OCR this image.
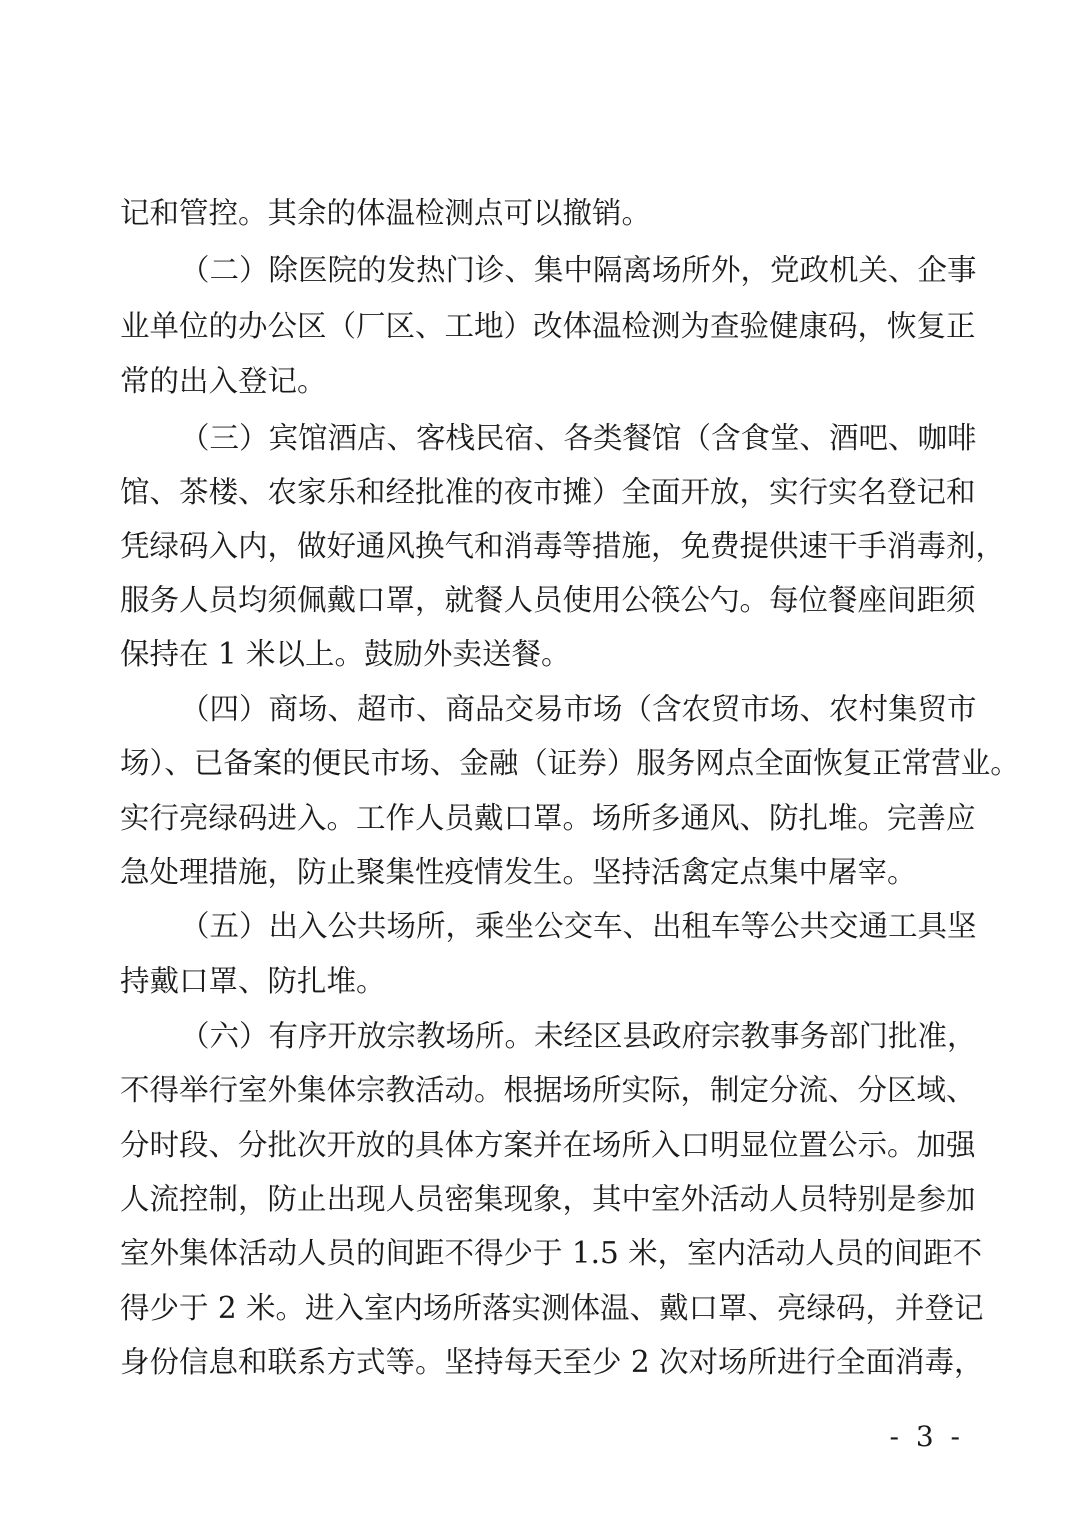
记和管控。其余的体温检测点可以撤销。
（二）除医院的发热门诊、集中隔离场所外，党政机关、企事
业单位的办公区（厂区、工地）改体温检测为查验健康码，恢复正
常的出入登记。
（三）宾馆酒店、客栈民宿、各类餐馆（含食堂、酒吧、咖啡
馆、茶楼、农家乐和经批准的夜市摊）全面开放，实行实名登记和
凭绿码入内，做好通风换气和消毒等措施，免费提供速干手消毒剂，
服务人员均须佩戴口罩，就餐人员使用公筷公勺。每位餐座间距须
保持在 1 米以上。鼓励外卖送餐。
（四）商场、超市、商品交易市场（含农贸市场、农村集贸市
场）、已备案的便民市场、金融（证券）服务网点全面恢复正常营业。
实行亮绿码进入。工作人员戴口罩。场所多通风、防扎堆。完善应
急处理措施，防止聚集性疫情发生。坚持活禽定点集中屠宰。
（五）出入公共场所，乘坐公交车、出租车等公共交通工具坚
持戴口罩、防扎堆。
（六）有序开放宗教场所。未经区县政府宗教事务部门批准，
不得举行室外集体宗教活动。根据场所实际，制定分流、分区域、
分时段、分批次开放的具体方案并在场所入口明显位置公示。加强
人流控制，防止出现人员密集现象，其中室外活动人员特别是参加
室外集体活动人员的间距不得少于 1.5 米，室内活动人员的间距不
得少于 2 米。进入室内场所落实测体温、戴口罩、亮绿码，并登记
身份信息和联系方式等。坚持每天至少 2 次对场所进行全面消毒，
- 3 -
